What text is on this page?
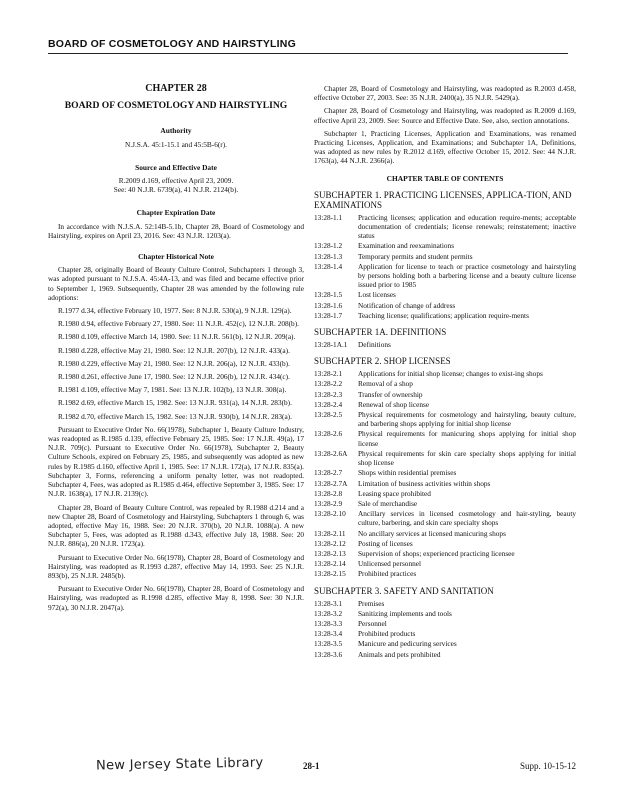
BOARD OF COSMETOLOGY AND HAIRSTYLING
CHAPTER 28
BOARD OF COSMETOLOGY AND HAIRSTYLING
Authority
N.J.S.A. 45:1-15.1 and 45:5B-6(r).
Source and Effective Date
R.2009 d.169, effective April 23, 2009.
See: 40 N.J.R. 6739(a), 41 N.J.R. 2124(b).
Chapter Expiration Date

In accordance with N.J.S.A. 52:14B-5.1b, Chapter 28, Board of Cosmetology and Hairstyling, expires on April 23, 2016. See: 43 N.J.R. 1203(a).

Chapter Historical Note

Chapter 28, originally Board of Beauty Culture Control, Subchapters 1 through 3, was adopted pursuant to N.J.S.A. 45:4A-13, and was filed and became effective prior to September 1, 1969. Subsequently, Chapter 28 was amended by the following rule adoptions:

R.1977 d.34, effective February 10, 1977. See: 8 N.J.R. 530(a), 9 N.J.R. 129(a).

R.1980 d.94, effective February 27, 1980. See: 11 N.J.R. 452(c), 12 N.J.R. 208(b).

R.1980 d.109, effective March 14, 1980. See: 11 N.J.R. 561(b), 12 N.J.R. 209(a).

R.1980 d.228, effective May 21, 1980. See: 12 N.J.R. 207(b), 12 N.J.R. 433(a).

R.1980 d.229, effective May 21, 1980. See: 12 N.J.R. 206(a), 12 N.J.R. 433(b).

R.1980 d.261, effective June 17, 1980. See: 12 N.J.R. 206(b), 12 N.J.R. 434(c).

R.1981 d.109, effective May 7, 1981. See: 13 N.J.R. 102(b), 13 N.J.R. 308(a).

R.1982 d.69, effective March 15, 1982. See: 13 N.J.R. 931(a), 14 N.J.R. 283(b).

R.1982 d.70, effective March 15, 1982. See: 13 N.J.R. 930(b), 14 N.J.R. 283(a).

Pursuant to Executive Order No. 66(1978), Subchapter 1, Beauty Culture Industry, was readopted as R.1985 d.139, effective February 25, 1985. See: 17 N.J.R. 49(a), 17 N.J.R. 709(c). Pursuant to Executive Order No. 66(1978), Subchapter 2, Beauty Culture Schools, expired on February 25, 1985, and subsequently was adopted as new rules by R.1985 d.160, effective April 1, 1985. See: 17 N.J.R. 172(a), 17 N.J.R. 835(a). Subchapter 3, Forms, referencing a uniform penalty letter, was not readopted. Subchapter 4, Fees, was adopted as R.1985 d.464, effective September 3, 1985. See: 17 N.J.R. 1638(a), 17 N.J.R. 2139(c).

Chapter 28, Board of Beauty Culture Control, was repealed by R.1988 d.214 and a new Chapter 28, Board of Cosmetology and Hairstyling, Subchapters 1 through 6, was adopted, effective May 16, 1988. See: 20 N.J.R. 370(b), 20 N.J.R. 1088(a). A new Subchapter 5, Fees, was adopted as R.1988 d.343, effective July 18, 1988. See: 20 N.J.R. 886(a), 20 N.J.R. 1723(a).

Pursuant to Executive Order No. 66(1978), Chapter 28, Board of Cosmetology and Hairstyling, was readopted as R.1993 d.287, effective May 14, 1993. See: 25 N.J.R. 893(b), 25 N.J.R. 2485(b).

Pursuant to Executive Order No. 66(1978), Chapter 28, Board of Cosmetology and Hairstyling, was readopted as R.1998 d.285, effective May 8, 1998. See: 30 N.J.R. 972(a), 30 N.J.R. 2047(a).

Chapter 28, Board of Cosmetology and Hairstyling, was readopted as R.2003 d.458, effective October 27, 2003. See: 35 N.J.R. 2400(a), 35 N.J.R. 5429(a).

Chapter 28, Board of Cosmetology and Hairstyling, was readopted as R.2009 d.169, effective April 23, 2009. See: Source and Effective Date. See, also, section annotations.

Subchapter 1, Practicing Licenses, Application and Examinations, was renamed Practicing Licenses, Application, and Examinations; and Subchapter 1A, Definitions, was adopted as new rules by R.2012 d.169, effective October 15, 2012. See: 44 N.J.R. 1763(a), 44 N.J.R. 2366(a).

CHAPTER TABLE OF CONTENTS
SUBCHAPTER 1. PRACTICING LICENSES, APPLICA-TION, AND EXAMINATIONS
13:28-1.1	Practicing licenses; application and education require-ments; acceptable documentation of credentials; license renewals; reinstatement; inactive status
13:28-1.2	Examination and reexaminations
13:28-1.3	Temporary permits and student permits
13:28-1.4	Application for license to teach or practice cosmetology and hairstyling by persons holding both a barbering license and a beauty culture license issued prior to 1985
13:28-1.5	Lost licenses
13:28-1.6	Notification of change of address
13:28-1.7	Teaching license; qualifications; application require-ments
SUBCHAPTER 1A. DEFINITIONS
13:28-1A.1	Definitions
SUBCHAPTER 2. SHOP LICENSES
13:28-2.1	Applications for initial shop license; changes to exist-ing shops
13:28-2.2	Removal of a shop
13:28-2.3	Transfer of ownership
13:28-2.4	Renewal of shop license
13:28-2.5	Physical requirements for cosmetology and hairstyling, beauty culture, and barbering shops applying for initial shop license
13:28-2.6	Physical requirements for manicuring shops applying for initial shop license
13:28-2.6A	Physical requirements for skin care specialty shops applying for initial shop license
13:28-2.7	Shops within residential premises
13:28-2.7A	Limitation of business activities within shops
13:28-2.8	Leasing space prohibited
13:28-2.9	Sale of merchandise
13:28-2.10	Ancillary services in licensed cosmetology and hair-styling, beauty culture, barbering, and skin care specialty shops
13:28-2.11	No ancillary services at licensed manicuring shops
13:28-2.12	Posting of licenses
13:28-2.13	Supervision of shops; experienced practicing licensee
13:28-2.14	Unlicensed personnel
13:28-2.15	Prohibited practices
SUBCHAPTER 3. SAFETY AND SANITATION
13:28-3.1	Premises
13:28-3.2	Sanitizing implements and tools
13:28-3.3	Personnel
13:28-3.4	Prohibited products
13:28-3.5	Manicure and pedicuring services
13:28-3.6	Animals and pets prohibited
New Jersey State Library	28-1	Supp. 10-15-12
